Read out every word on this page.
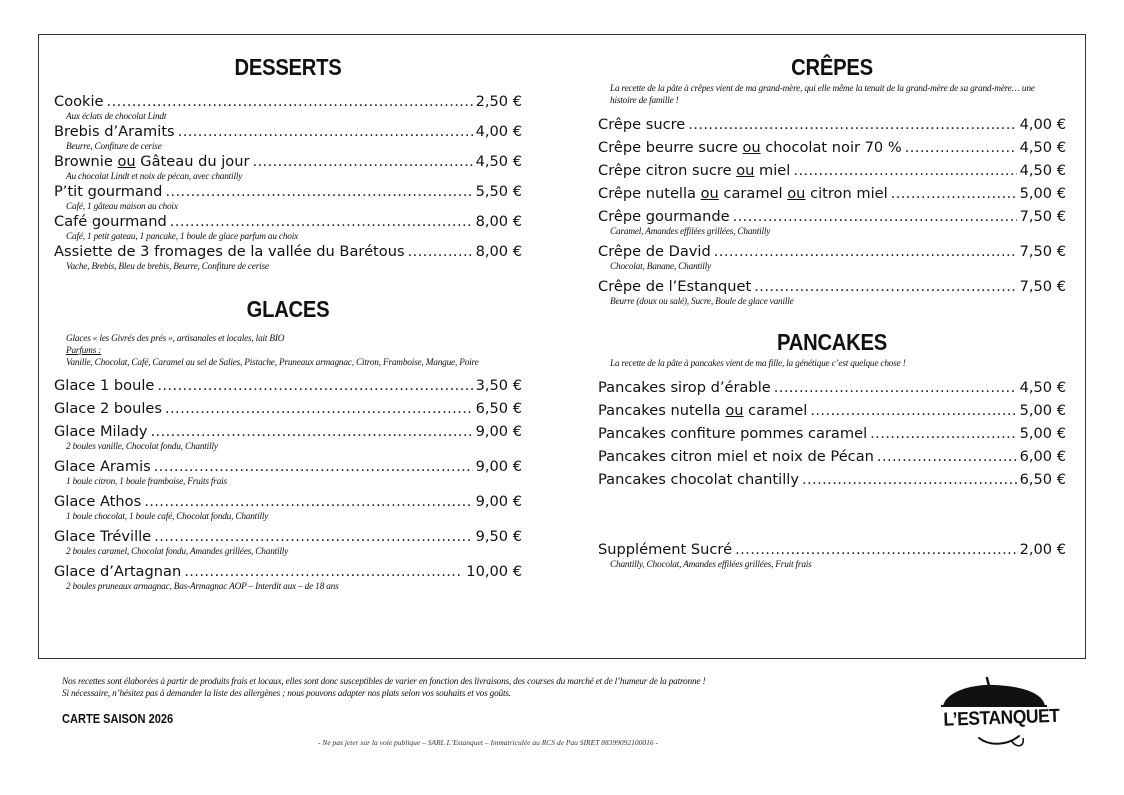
DESSERTS
Cookie .....	2,50 €
Aux éclats de chocolat Lindt
Brebis d’Aramits .....	4,00 €
Beurre, Confiture de cerise
Brownie ou Gâteau du jour .....	4,50 €
Au chocolat Lindt et noix de pécan, avec chantilly
P’tit gourmand .....	5,50 €
Café, 1 gâteau maison au choix
Café gourmand .....	8,00 €
Café, 1 petit gateau, 1 pancake, 1 boule de glace parfum au choix
Assiette de 3 fromages de la vallée du Barétous .....	8,00 €
Vache, Brebis, Bleu de brebis, Beurre, Confiture de cerise
GLACES
Glaces « les Givrés des prés », artisanales et locales, lait BIO
Parfums :
Vanille, Chocolat, Café, Caramel au sel de Salies, Pistache, Pruneaux armagnac, Citron, Framboise, Mangue, Poire
Glace 1 boule .....	3,50 €
Glace 2 boules .....	6,50 €
Glace Milady .....	9,00 €
2 boules vanille, Chocolat fondu, Chantilly
Glace Aramis .....	9,00 €
1 boule citron, 1 boule framboise, Fruits frais
Glace Athos .....	9,00 €
1 boule chocolat, 1 boule café, Chocolat fondu, Chantilly
Glace Tréville .....	9,50 €
2 boules caramel, Chocolat fondu, Amandes grillées, Chantilly
Glace d’Artagnan .....	10,00 €
2 boules pruneaux armagnac, Bas-Armagnac AOP – Interdit aux – de 18 ans
CRÊPES
La recette de la pâte à crêpes vient de ma grand-mère, qui elle même la tenait de la grand-mère de sa grand-mère… une histoire de famille !
Crêpe sucre .....	4,00 €
Crêpe beurre sucre ou chocolat noir 70 % .....	4,50 €
Crêpe citron sucre ou miel .....	4,50 €
Crêpe nutella ou caramel ou citron miel .....	5,00 €
Crêpe gourmande .....	7,50 €
Caramel, Amandes effilées grillées, Chantilly
Crêpe de David .....	7,50 €
Chocolat, Banane, Chantilly
Crêpe de l’Estanquet .....	7,50 €
Beurre (doux ou salé), Sucre, Boule de glace vanille
PANCAKES
La recette de la pâte à pancakes vient de ma fille, la génétique c’est quelque chose !
Pancakes sirop d’érable .....	4,50 €
Pancakes nutella ou caramel .....	5,00 €
Pancakes confiture pommes caramel .....	5,00 €
Pancakes citron miel et noix de Pécan .....	6,00 €
Pancakes chocolat chantilly .....	6,50 €
Supplément Sucré .....	2,00 €
Chantilly, Chocolat, Amandes effilées grillées, Fruit frais
Nos recettes sont élaborées à partir de produits frais et locaux, elles sont donc susceptibles de varier en fonction des livraisons, des courses du marché et de l’humeur de la patronne !
Si nécessaire, n’hésitez pas à demander la liste des allergènes ; nous pouvons adapter nos plats selon vos souhaits et vos goûts.
CARTE SAISON 2026
- Ne pas jeter sur la voie publique – SARL L’Estanquet – Immatriculée au RCS de Pau SIRET 88399092100016 -
L’ESTANQUET
